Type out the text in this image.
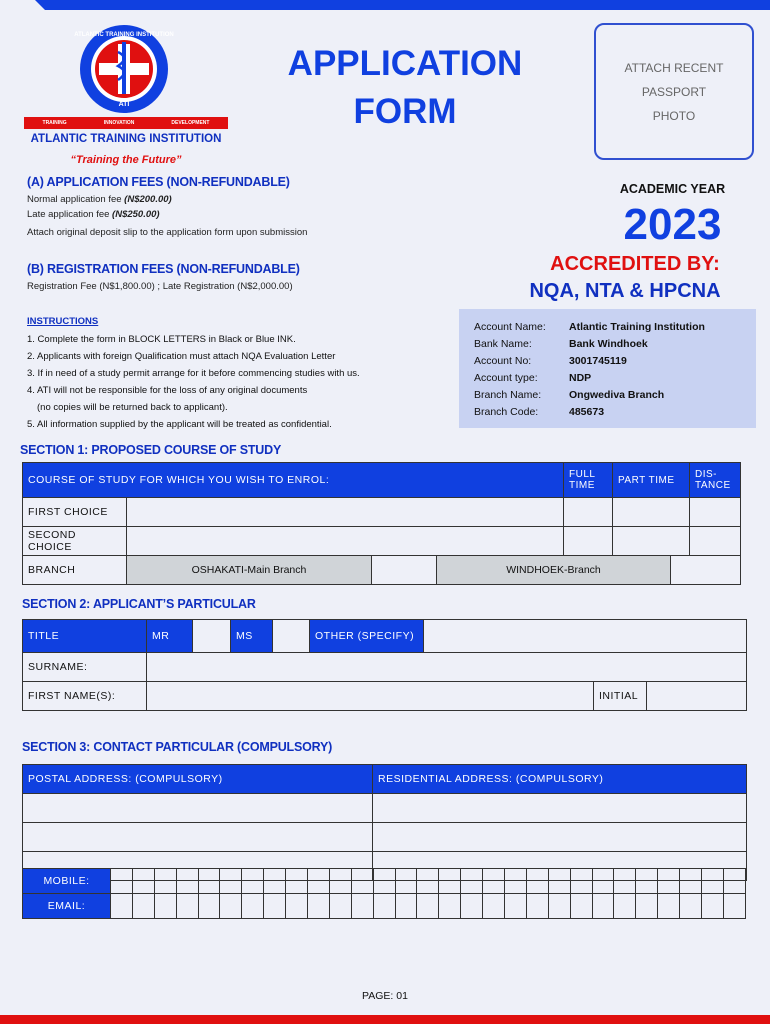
ATLANTIC TRAINING INSTITUTION
ATI
TRAINING	INNOVATION	DEVELOPMENT
ATLANTIC TRAINING INSTITUTION
“Training the Future”
APPLICATION
FORM
ATTACH RECENT
PASSPORT
PHOTO
ACADEMIC YEAR
2023
ACCREDITED BY:
NQA, NTA & HPCNA
(A) APPLICATION FEES (NON-REFUNDABLE)
Normal application fee (N$200.00)
Late application fee (N$250.00)
Attach original deposit slip to the application form upon submission
(B) REGISTRATION FEES (NON-REFUNDABLE)
Registration Fee (N$1,800.00) ; Late Registration (N$2,000.00)
INSTRUCTIONS
1. Complete the form in BLOCK LETTERS in Black or Blue INK.
2. Applicants with foreign Qualification must attach NQA Evaluation Letter
3. If in need of a study permit arrange for it before commencing studies with us.
4. ATI will not be responsible for the loss of any original documents
(no copies will be returned back to applicant).
5. All information supplied by the applicant will be treated as confidential.
Account Name:	Atlantic Training Institution
Bank Name:	Bank Windhoek
Account No:	3001745119
Account type:	NDP
Branch Name:	Ongwediva Branch
Branch Code:	485673
SECTION 1: PROPOSED COURSE OF STUDY
COURSE OF STUDY FOR WHICH YOU WISH TO ENROL:		FULL TIME	PART TIME	DIS-TANCE
FIRST CHOICE				
SECOND CHOICE				
BRANCH	OSHAKATI-Main Branch		WINDHOEK-Branch	
SECTION 2: APPLICANT’S PARTICULAR
TITLE	MR		MS		OTHER (SPECIFY)	
SURNAME:			
FIRST NAME(S):		INITIAL	
SECTION 3: CONTACT PARTICULAR (COMPULSORY)
POSTAL ADDRESS: (COMPULSORY)	RESIDENTIAL ADDRESS: (COMPULSORY)

MOBILE:																													
EMAIL:																													
PAGE: 01
